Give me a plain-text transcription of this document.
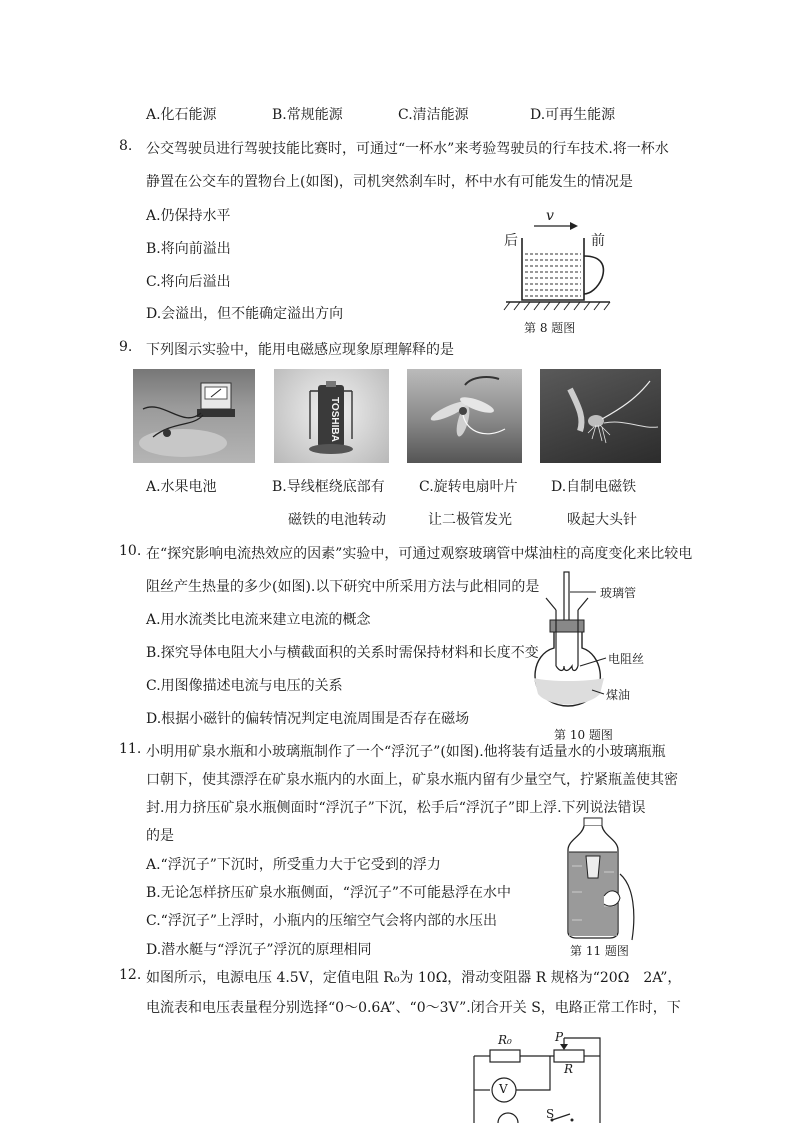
A.化石能源	B.常规能源	C.清洁能源	D.可再生能源
8. 公交驾驶员进行驾驶技能比赛时，可通过“一杯水”来考验驾驶员的行车技术.将一杯水
静置在公交车的置物台上(如图)，司机突然刹车时，杯中水有可能发生的情况是
A.仍保持水平
B.将向前溢出
C.将向后溢出
D.会溢出，但不能确定溢出方向
后	前
v
第 8 题图
9. 下列图示实验中，能用电磁感应现象原理解释的是
TOSHIBA
A.水果电池	B.导线框绕底部有
磁铁的电池转动
C.旋转电扇叶片
让二极管发光
D.自制电磁铁
吸起大头针
10. 在“探究影响电流热效应的因素”实验中，可通过观察玻璃管中煤油柱的高度变化来比较电
阻丝产生热量的多少(如图).以下研究中所采用方法与此相同的是
A.用水流类比电流来建立电流的概念
B.探究导体电阻大小与横截面积的关系时需保持材料和长度不变
C.用图像描述电流与电压的关系
D.根据小磁针的偏转情况判定电流周围是否存在磁场
玻璃管
电阻丝
煤油
第 10 题图
11. 小明用矿泉水瓶和小玻璃瓶制作了一个“浮沉子”(如图).他将装有适量水的小玻璃瓶瓶
口朝下，使其漂浮在矿泉水瓶内的水面上，矿泉水瓶内留有少量空气，拧紧瓶盖使其密
封.用力挤压矿泉水瓶侧面时“浮沉子”下沉，松手后“浮沉子”即上浮.下列说法错误
的是
A.“浮沉子”下沉时，所受重力大于它受到的浮力
B.无论怎样挤压矿泉水瓶侧面，“浮沉子”不可能悬浮在水中
C.“浮沉子”上浮时，小瓶内的压缩空气会将内部的水压出
D.潜水艇与“浮沉子”浮沉的原理相同	第 11 题图
12. 如图所示，电源电压 4.5V，定值电阻 R₀为 10Ω，滑动变阻器 R 规格为“20Ω　2A”，
电流表和电压表量程分别选择“0～0.6A”、“0～3V”.闭合开关 S，电路正常工作时，下
R₀	P
R
V
S
